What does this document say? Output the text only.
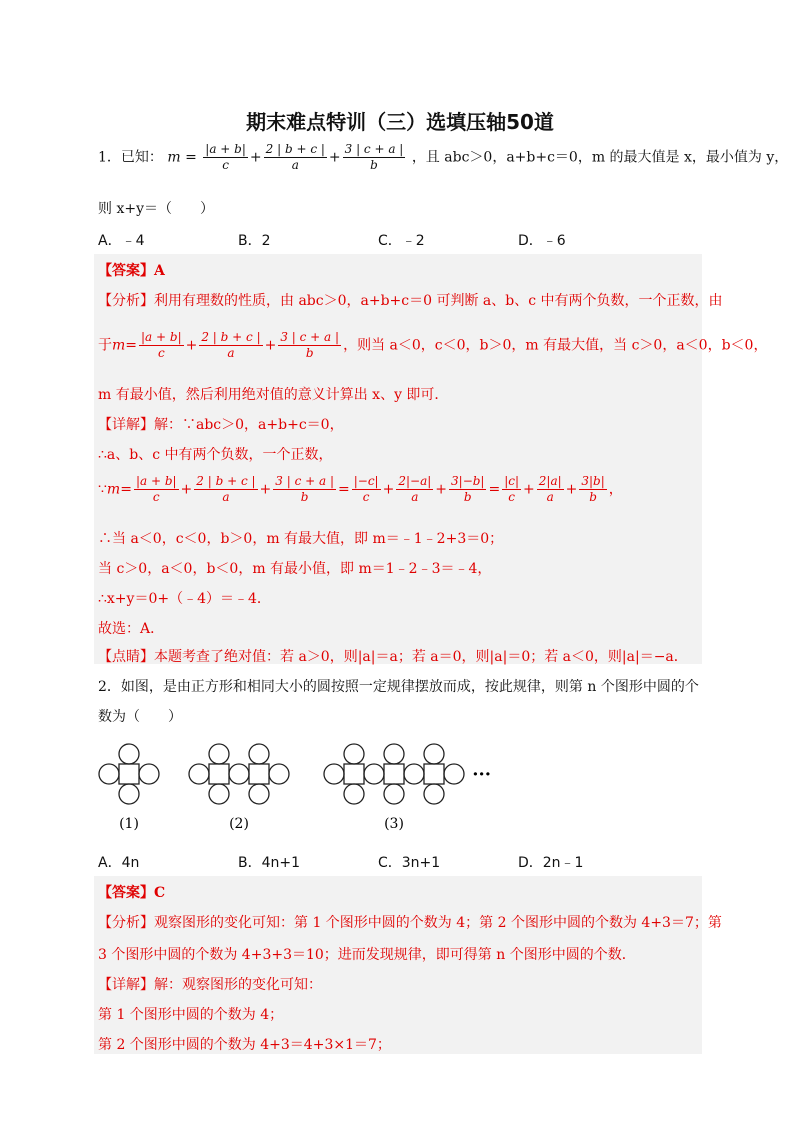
期末难点特训（三）选填压轴50道
1．已知： $m = \frac{|a + b|}{c} + \frac{2 | b + c |}{a} + \frac{3 | c + a |}{b}$ ，且 abc＞0，a+b+c＝0，m 的最大值是 x，最小值为 y，
则 x+y＝（　　）
A．﹣4	B．2	C．﹣2	D．﹣6
【答案】A
【分析】利用有理数的性质，由 abc＞0，a+b+c＝0 可判断 a、b、c 中有两个负数，一个正数，由
于$m= \frac{|a + b|}{c} + \frac{2 | b + c |}{a} + \frac{3 | c + a |}{b}$ ，则当 a＜0，c＜0，b＞0，m 有最大值，当 c＞0，a＜0，b＜0，
m 有最小值，然后利用绝对值的意义计算出 x、y 即可．
【详解】解：∵abc＞0，a+b+c＝0，
∴a、b、c 中有两个负数，一个正数，
∵m= $\frac{|a + b|}{c} + \frac{2 | b + c |}{a} + \frac{3 | c + a |}{b} = \frac{|-c|}{c} + \frac{2|-a|}{a} + \frac{3|-b|}{b} = \frac{|c|}{c} + \frac{2|a|}{a} + \frac{3|b|}{b}$ ，
∴当 a＜0，c＜0，b＞0，m 有最大值，即 m＝﹣1﹣2+3＝0；
当 c＞0，a＜0，b＜0，m 有最小值，即 m＝1﹣2﹣3＝﹣4，
∴x+y＝0+（﹣4）＝﹣4．
故选：A．
【点睛】本题考查了绝对值：若 a＞0，则|a|＝a；若 a＝0，则|a|＝0；若 a＜0，则|a|＝−a．
2．如图，是由正方形和相同大小的圆按照一定规律摆放而成，按此规律，则第 n 个图形中圆的个
数为（　　）
···
(1)	(2)	(3)
A．4n	B．4n+1	C．3n+1	D．2n﹣1
【答案】C
【分析】观察图形的变化可知：第 1 个图形中圆的个数为 4；第 2 个图形中圆的个数为 4+3＝7；第
3 个图形中圆的个数为 4+3+3＝10；进而发现规律，即可得第 n 个图形中圆的个数．
【详解】解：观察图形的变化可知：
第 1 个图形中圆的个数为 4；
第 2 个图形中圆的个数为 4+3＝4+3×1＝7；
